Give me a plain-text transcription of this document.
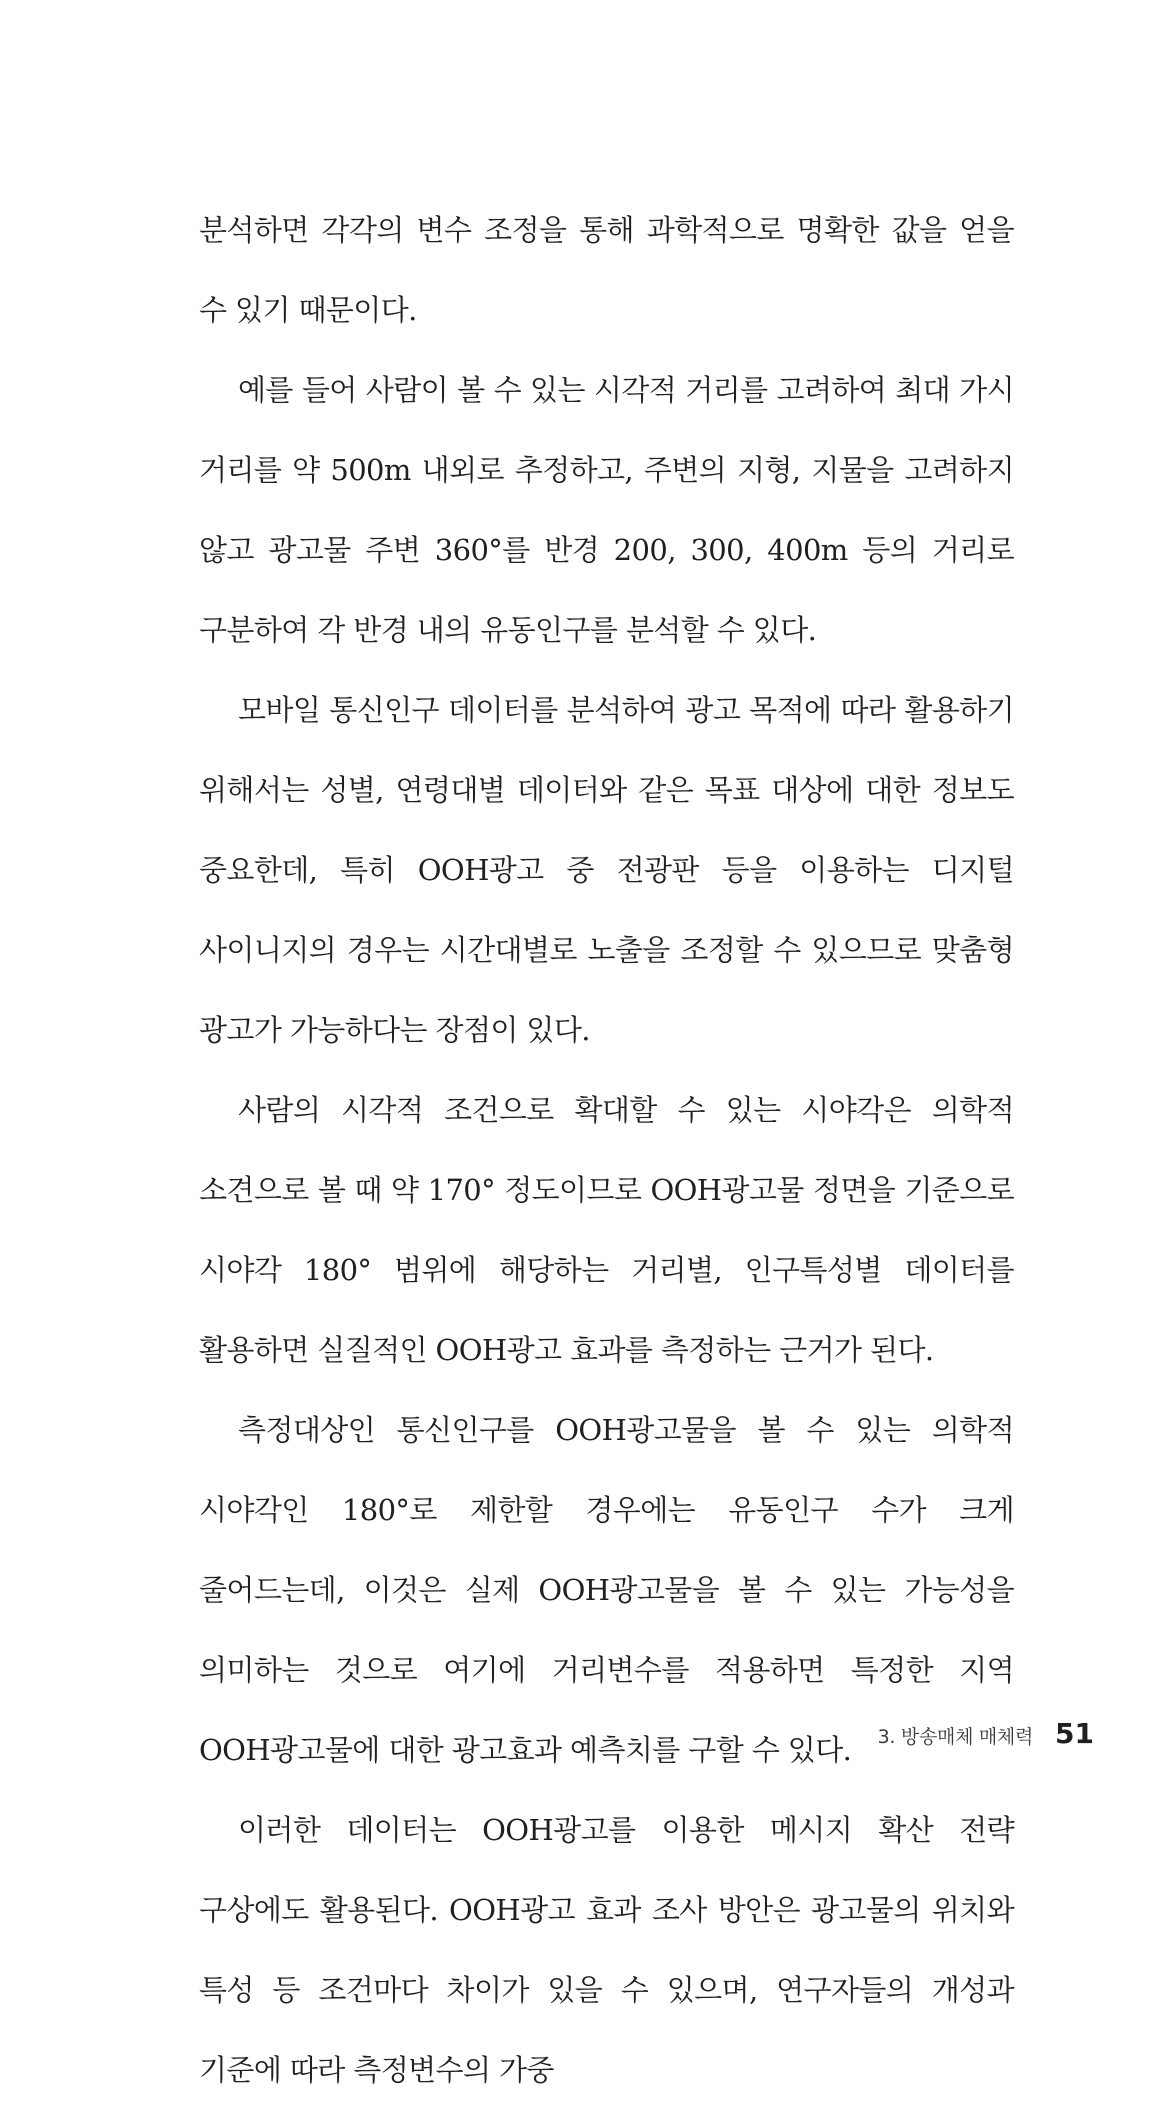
분석하면 각각의 변수 조정을 통해 과학적으로 명확한 값을 얻을 수 있기 때문이다.

예를 들어 사람이 볼 수 있는 시각적 거리를 고려하여 최대 가시 거리를 약 500m 내외로 추정하고, 주변의 지형, 지물을 고려하지 않고 광고물 주변 360°를 반경 200, 300, 400m 등의 거리로 구분하여 각 반경 내의 유동인구를 분석할 수 있다.

모바일 통신인구 데이터를 분석하여 광고 목적에 따라 활용하기 위해서는 성별, 연령대별 데이터와 같은 목표 대상에 대한 정보도 중요한데, 특히 OOH광고 중 전광판 등을 이용하는 디지털 사이니지의 경우는 시간대별로 노출을 조정할 수 있으므로 맞춤형 광고가 가능하다는 장점이 있다.

사람의 시각적 조건으로 확대할 수 있는 시야각은 의학적 소견으로 볼 때 약 170° 정도이므로 OOH광고물 정면을 기준으로 시야각 180° 범위에 해당하는 거리별, 인구특성별 데이터를 활용하면 실질적인 OOH광고 효과를 측정하는 근거가 된다.

측정대상인 통신인구를 OOH광고물을 볼 수 있는 의학적 시야각인 180°로 제한할 경우에는 유동인구 수가 크게 줄어드는데, 이것은 실제 OOH광고물을 볼 수 있는 가능성을 의미하는 것으로 여기에 거리변수를 적용하면 특정한 지역 OOH광고물에 대한 광고효과 예측치를 구할 수 있다.

이러한 데이터는 OOH광고를 이용한 메시지 확산 전략 구상에도 활용된다. OOH광고 효과 조사 방안은 광고물의 위치와 특성 등 조건마다 차이가 있을 수 있으며, 연구자들의 개성과 기준에 따라 측정변수의 가중

3. 방송매체 매체력 51
